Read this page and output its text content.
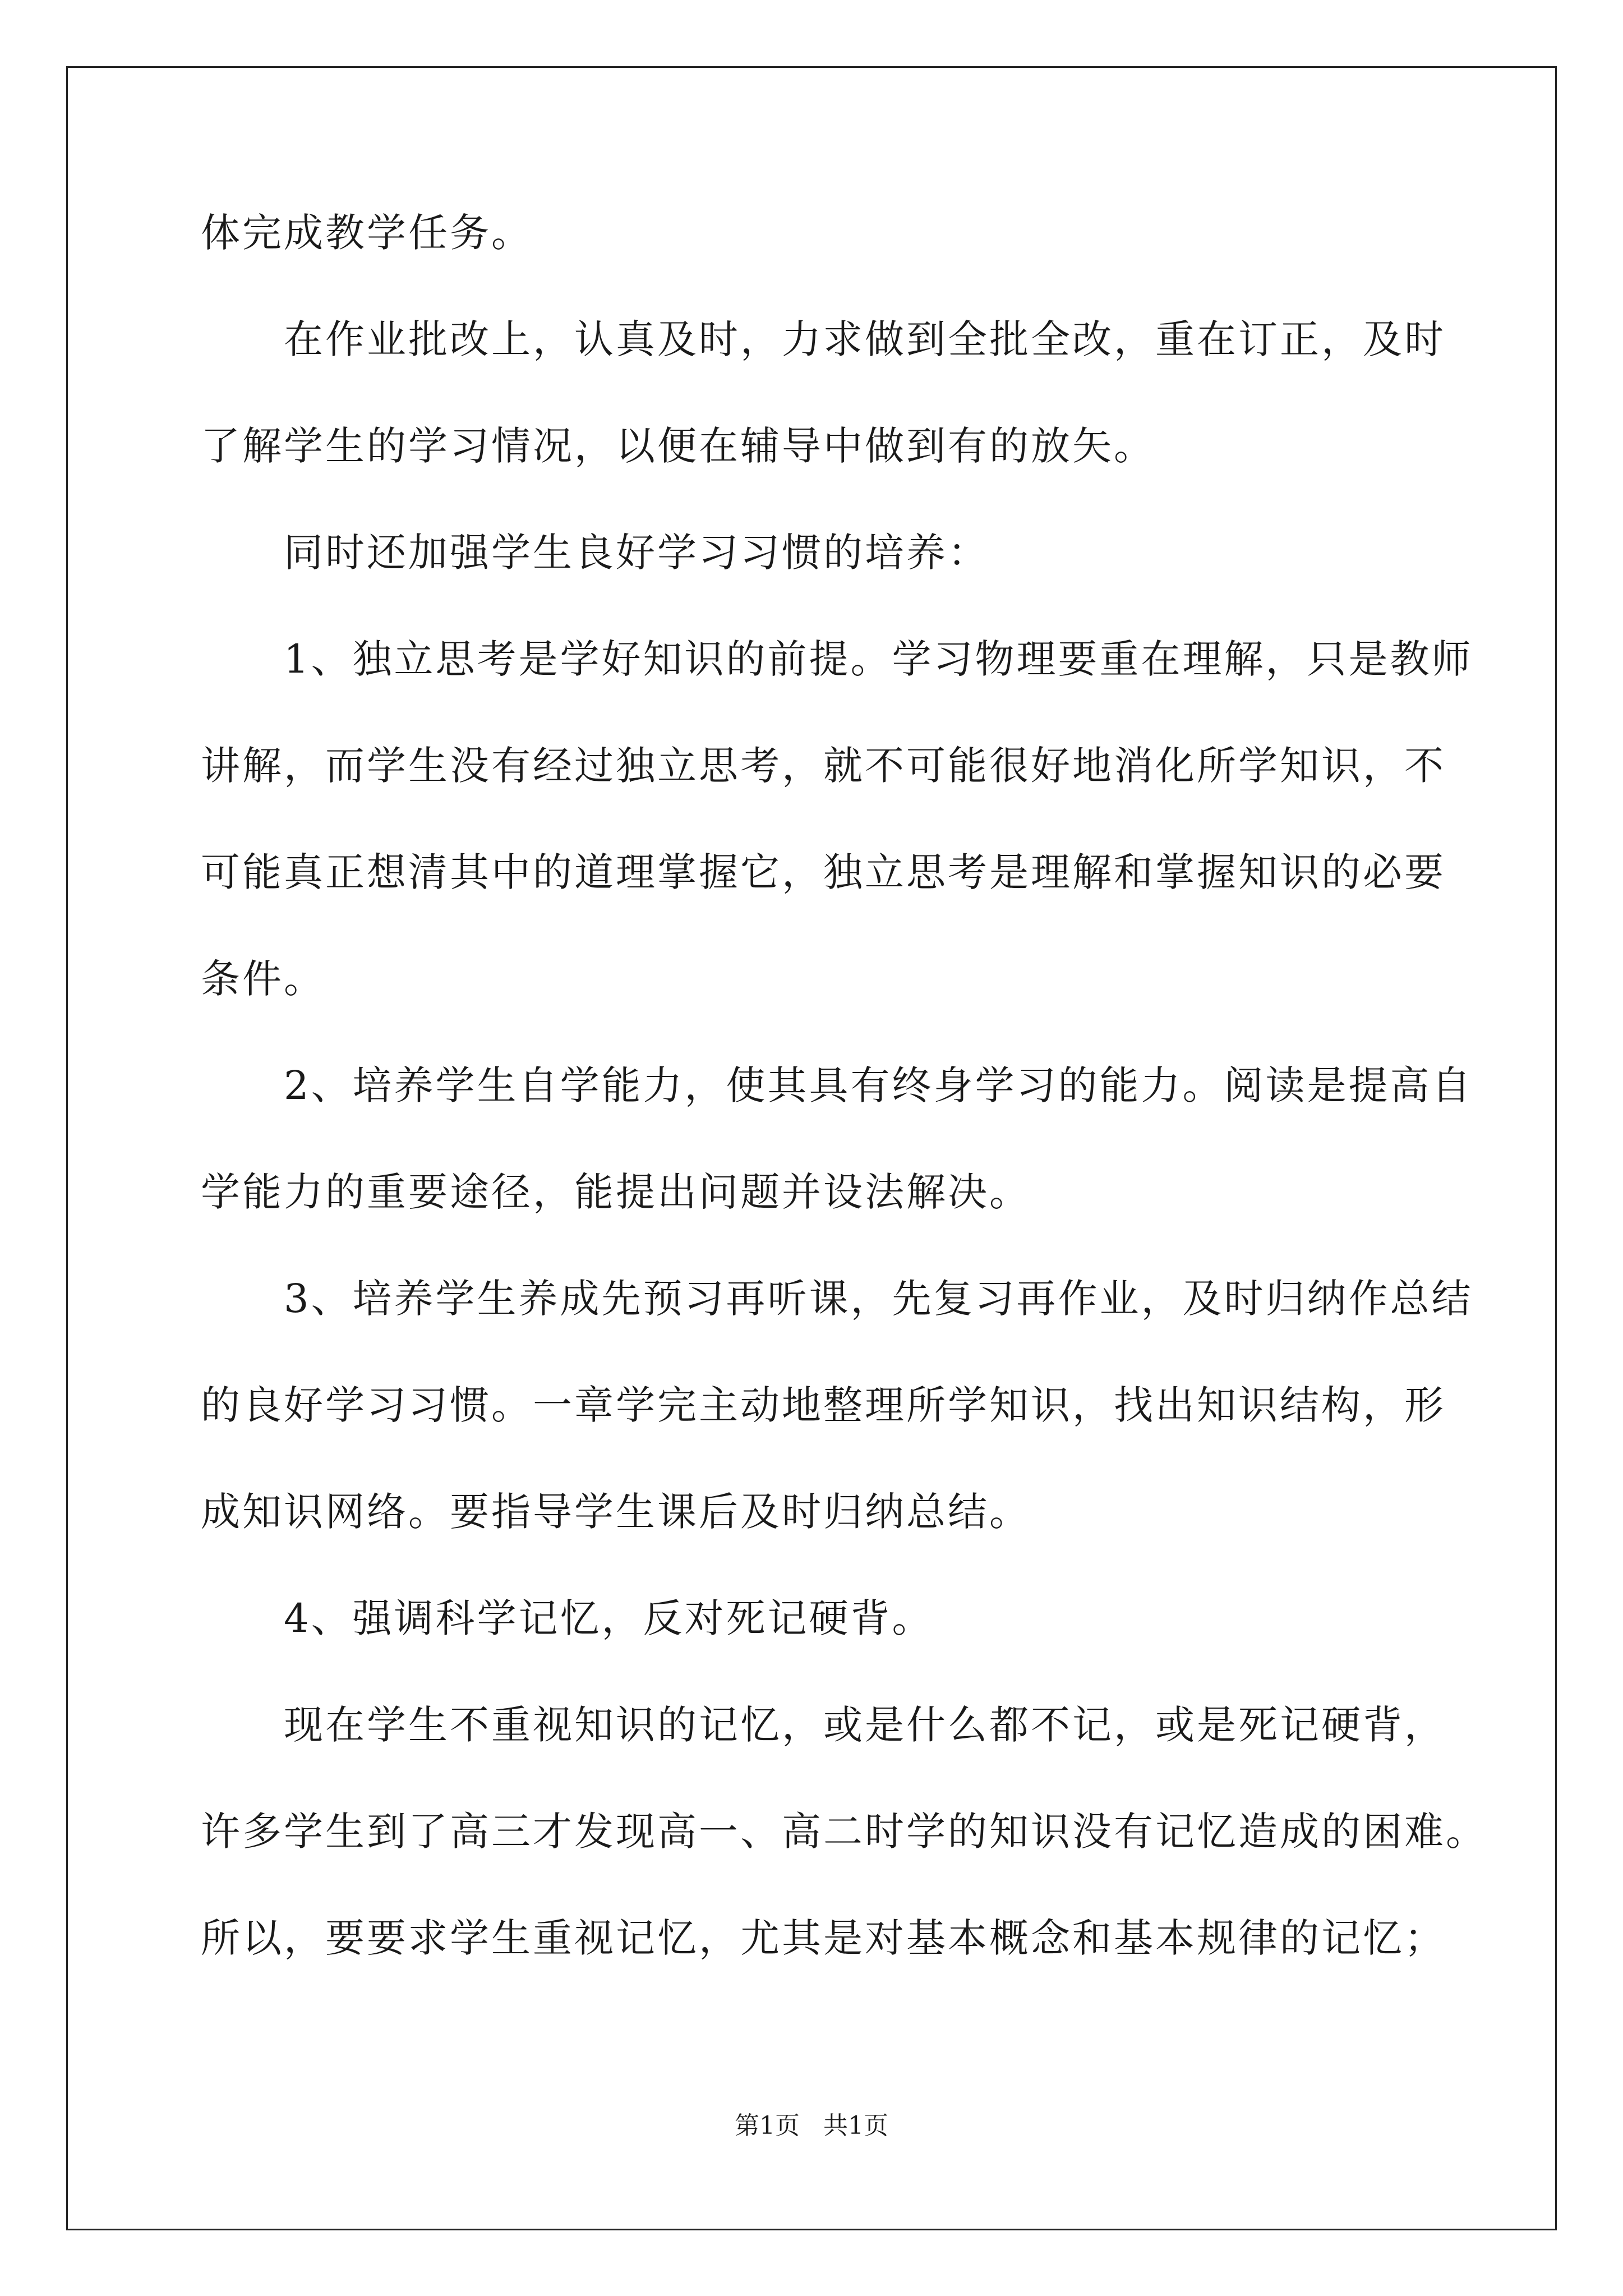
体完成教学任务。
在作业批改上，认真及时，力求做到全批全改，重在订正，及时
了解学生的学习情况，以便在辅导中做到有的放矢。
同时还加强学生良好学习习惯的培养：
1、独立思考是学好知识的前提。学习物理要重在理解，只是教师
讲解，而学生没有经过独立思考，就不可能很好地消化所学知识，不
可能真正想清其中的道理掌握它，独立思考是理解和掌握知识的必要
条件。
2、培养学生自学能力，使其具有终身学习的能力。阅读是提高自
学能力的重要途径，能提出问题并设法解决。
3、培养学生养成先预习再听课，先复习再作业，及时归纳作总结
的良好学习习惯。一章学完主动地整理所学知识，找出知识结构，形
成知识网络。要指导学生课后及时归纳总结。
4、强调科学记忆，反对死记硬背。
现在学生不重视知识的记忆，或是什么都不记，或是死记硬背，
许多学生到了高三才发现高一、高二时学的知识没有记忆造成的困难。
所以，要要求学生重视记忆，尤其是对基本概念和基本规律的记忆；
第1页 共1页
